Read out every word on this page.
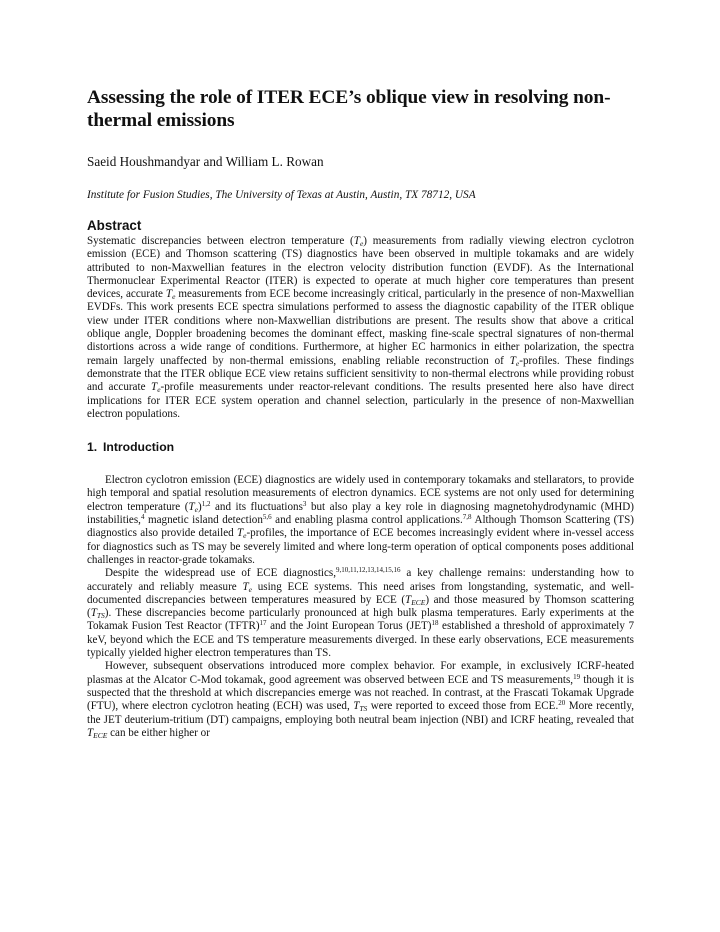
Assessing the role of ITER ECE’s oblique view in resolving non-thermal emissions
Saeid Houshmandyar and William L. Rowan
Institute for Fusion Studies, The University of Texas at Austin, Austin, TX 78712, USA
Abstract

Systematic discrepancies between electron temperature $(T_e)$ measurements from radially viewing electron cyclotron emission (ECE) and Thomson scattering (TS) diagnostics have been observed in multiple tokamaks and are widely attributed to non-Maxwellian features in the electron velocity distribution function (EVDF). As the International Thermonuclear Experimental Reactor (ITER) is expected to operate at much higher core temperatures than present devices, accurate $T_e$ measurements from ECE become increasingly critical, particularly in the presence of non-Maxwellian EVDFs. This work presents ECE spectra simulations performed to assess the diagnostic capability of the ITER oblique view under ITER conditions where non-Maxwellian distributions are present. The results show that above a critical oblique angle, Doppler broadening becomes the dominant effect, masking fine-scale spectral signatures of non-thermal distortions across a wide range of conditions. Furthermore, at higher EC harmonics in either polarization, the spectra remain largely unaffected by non-thermal emissions, enabling reliable reconstruction of $T_e$-profiles. These findings demonstrate that the ITER oblique ECE view retains sufficient sensitivity to non-thermal electrons while providing robust and accurate $T_e$-profile measurements under reactor-relevant conditions. The results presented here also have direct implications for ITER ECE system operation and channel selection, particularly in the presence of non-Maxwellian electron populations.

1. Introduction

Electron cyclotron emission (ECE) diagnostics are widely used in contemporary tokamaks and stellarators, to provide high temporal and spatial resolution measurements of electron dynamics. ECE systems are not only used for determining electron temperature $(T_e)^{1,2}$ and its fluctuations$^3$ but also play a key role in diagnosing magnetohydrodynamic (MHD) instabilities,$^4$ magnetic island detection$^{5,6}$ and enabling plasma control applications.$^{7,8}$ Although Thomson Scattering (TS) diagnostics also provide detailed $T_e$-profiles, the importance of ECE becomes increasingly evident where in-vessel access for diagnostics such as TS may be severely limited and where long-term operation of optical components poses additional challenges in reactor-grade tokamaks.

Despite the widespread use of ECE diagnostics,$^{9,10,11,12,13,14,15,16}$ a key challenge remains: understanding how to accurately and reliably measure $T_e$ using ECE systems. This need arises from longstanding, systematic, and well-documented discrepancies between temperatures measured by ECE $(T_{ECE})$ and those measured by Thomson scattering $(T_{TS})$. These discrepancies become particularly pronounced at high bulk plasma temperatures. Early experiments at the Tokamak Fusion Test Reactor (TFTR)$^{17}$ and the Joint European Torus (JET)$^{18}$ established a threshold of approximately 7 keV, beyond which the ECE and TS temperature measurements diverged. In these early observations, ECE measurements typically yielded higher electron temperatures than TS.

However, subsequent observations introduced more complex behavior. For example, in exclusively ICRF-heated plasmas at the Alcator C-Mod tokamak, good agreement was observed between ECE and TS measurements,$^{19}$ though it is suspected that the threshold at which discrepancies emerge was not reached. In contrast, at the Frascati Tokamak Upgrade (FTU), where electron cyclotron heating (ECH) was used, $T_{TS}$ were reported to exceed those from ECE.$^{20}$ More recently, the JET deuterium-tritium (DT) campaigns, employing both neutral beam injection (NBI) and ICRF heating, revealed that $T_{ECE}$ can be either higher or
